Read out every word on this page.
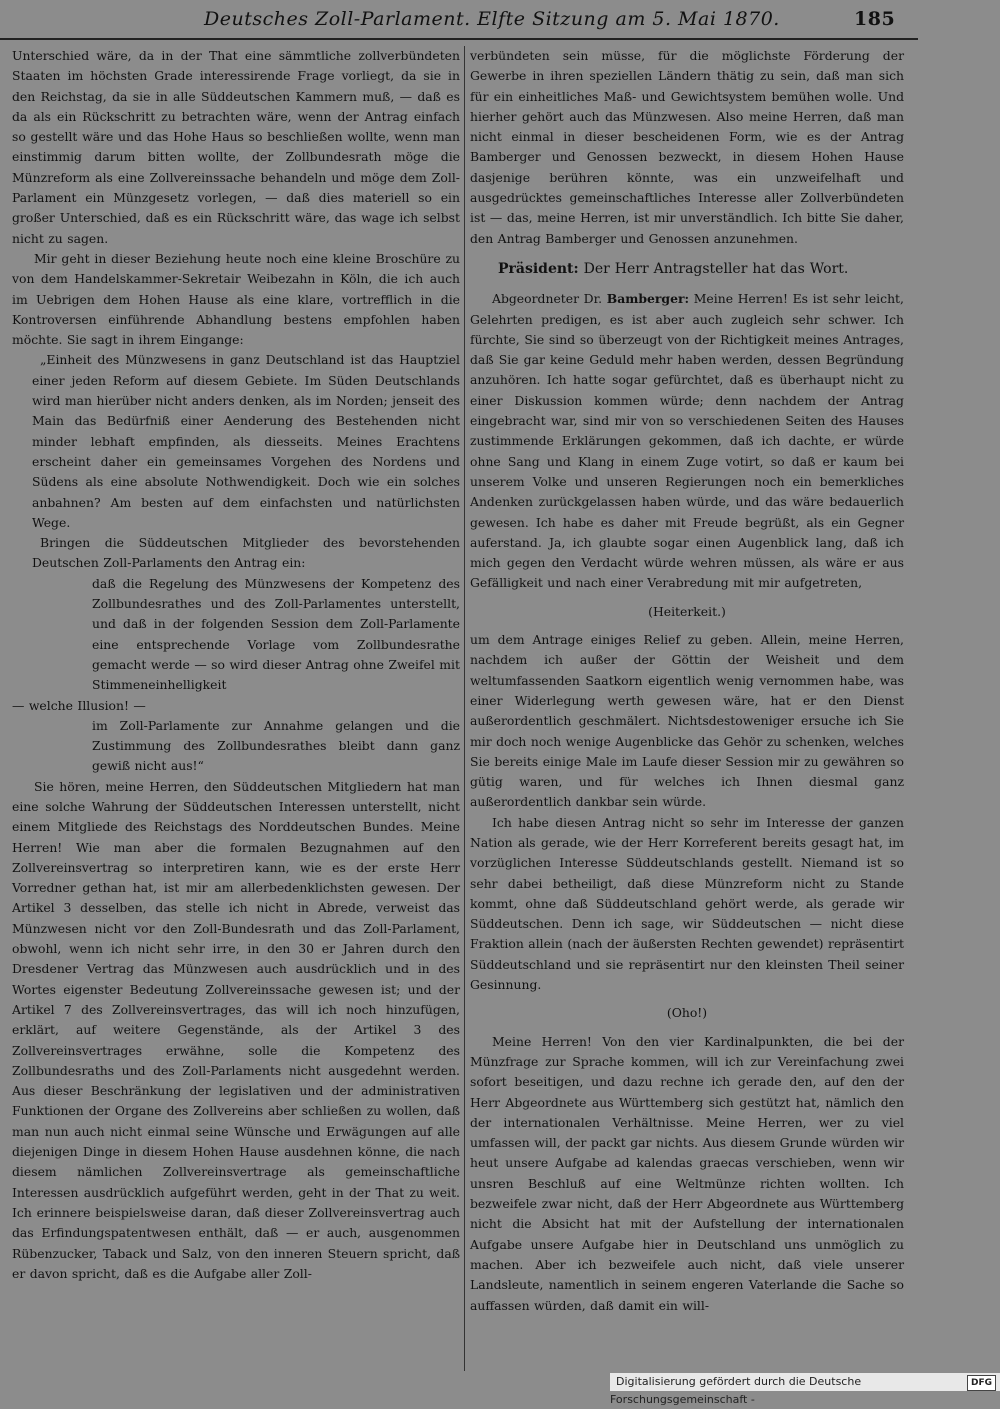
Deutsches Zoll-Parlament. Elfte Sitzung am 5. Mai 1870.	185

Unterschied wäre, da in der That eine sämmtliche zollverbündeten Staaten im höchsten Grade interessirende Frage vorliegt, da sie in den Reichstag, da sie in alle Süddeutschen Kammern muß, — daß es da als ein Rückschritt zu betrachten wäre, wenn der Antrag einfach so gestellt wäre und das Hohe Haus so beschließen wollte, wenn man einstimmig darum bitten wollte, der Zollbundesrath möge die Münzreform als eine Zollvereinssache behandeln und möge dem Zoll-Parlament ein Münzgesetz vorlegen, — daß dies materiell so ein großer Unterschied, daß es ein Rückschritt wäre, das wage ich selbst nicht zu sagen.

Mir geht in dieser Beziehung heute noch eine kleine Broschüre zu von dem Handelskammer-Sekretair Weibezahn in Köln, die ich auch im Uebrigen dem Hohen Hause als eine klare, vortrefflich in die Kontroversen einführende Abhandlung bestens empfohlen haben möchte. Sie sagt in ihrem Eingange:

„Einheit des Münzwesens in ganz Deutschland ist das Hauptziel einer jeden Reform auf diesem Gebiete. Im Süden Deutschlands wird man hierüber nicht anders denken, als im Norden; jenseit des Main das Bedürfniß einer Aenderung des Bestehenden nicht minder lebhaft empfinden, als diesseits. Meines Erachtens erscheint daher ein gemeinsames Vorgehen des Nordens und Südens als eine absolute Nothwendigkeit. Doch wie ein solches anbahnen? Am besten auf dem einfachsten und natürlichsten Wege.

Bringen die Süddeutschen Mitglieder des bevorstehenden Deutschen Zoll-Parlaments den Antrag ein:

daß die Regelung des Münzwesens der Kompetenz des Zollbundesrathes und des Zoll-Parlamentes unterstellt, und daß in der folgenden Session dem Zoll-Parlamente eine entsprechende Vorlage vom Zollbundesrathe gemacht werde — so wird dieser Antrag ohne Zweifel mit Stimmeneinhelligkeit

— welche Illusion! —

im Zoll-Parlamente zur Annahme gelangen und die Zustimmung des Zollbundesrathes bleibt dann ganz gewiß nicht aus!“

Sie hören, meine Herren, den Süddeutschen Mitgliedern hat man eine solche Wahrung der Süddeutschen Interessen unterstellt, nicht einem Mitgliede des Reichstags des Norddeutschen Bundes. Meine Herren! Wie man aber die formalen Bezugnahmen auf den Zollvereinsvertrag so interpretiren kann, wie es der erste Herr Vorredner gethan hat, ist mir am allerbedenklichsten gewesen. Der Artikel 3 desselben, das stelle ich nicht in Abrede, verweist das Münzwesen nicht vor den Zoll-Bundesrath und das Zoll-Parlament, obwohl, wenn ich nicht sehr irre, in den 30 er Jahren durch den Dresdener Vertrag das Münzwesen auch ausdrücklich und in des Wortes eigenster Bedeutung Zollvereinssache gewesen ist; und der Artikel 7 des Zollvereinsvertrages, das will ich noch hinzufügen, erklärt, auf weitere Gegenstände, als der Artikel 3 des Zollvereinsvertrages erwähne, solle die Kompetenz des Zollbundesraths und des Zoll-Parlaments nicht ausgedehnt werden. Aus dieser Beschränkung der legislativen und der administrativen Funktionen der Organe des Zollvereins aber schließen zu wollen, daß man nun auch nicht einmal seine Wünsche und Erwägungen auf alle diejenigen Dinge in diesem Hohen Hause ausdehnen könne, die nach diesem nämlichen Zollvereinsvertrage als gemeinschaftliche Interessen ausdrücklich aufgeführt werden, geht in der That zu weit. Ich erinnere beispielsweise daran, daß dieser Zollvereinsvertrag auch das Erfindungspatentwesen enthält, daß — er auch, ausgenommen Rübenzucker, Taback und Salz, von den inneren Steuern spricht, daß er davon spricht, daß es die Aufgabe aller Zoll-

verbündeten sein müsse, für die möglichste Förderung der Gewerbe in ihren speziellen Ländern thätig zu sein, daß man sich für ein einheitliches Maß- und Gewichtsystem bemühen wolle. Und hierher gehört auch das Münzwesen. Also meine Herren, daß man nicht einmal in dieser bescheidenen Form, wie es der Antrag Bamberger und Genossen bezweckt, in diesem Hohen Hause dasjenige berühren könnte, was ein unzweifelhaft und ausgedrücktes gemeinschaftliches Interesse aller Zollverbündeten ist — das, meine Herren, ist mir unverständlich. Ich bitte Sie daher, den Antrag Bamberger und Genossen anzunehmen.

Präsident: Der Herr Antragsteller hat das Wort.

Abgeordneter Dr. Bamberger: Meine Herren! Es ist sehr leicht, Gelehrten predigen, es ist aber auch zugleich sehr schwer. Ich fürchte, Sie sind so überzeugt von der Richtigkeit meines Antrages, daß Sie gar keine Geduld mehr haben werden, dessen Begründung anzuhören. Ich hatte sogar gefürchtet, daß es überhaupt nicht zu einer Diskussion kommen würde; denn nachdem der Antrag eingebracht war, sind mir von so verschiedenen Seiten des Hauses zustimmende Erklärungen gekommen, daß ich dachte, er würde ohne Sang und Klang in einem Zuge votirt, so daß er kaum bei unserem Volke und unseren Regierungen noch ein bemerkliches Andenken zurückgelassen haben würde, und das wäre bedauerlich gewesen. Ich habe es daher mit Freude begrüßt, als ein Gegner auferstand. Ja, ich glaubte sogar einen Augenblick lang, daß ich mich gegen den Verdacht würde wehren müssen, als wäre er aus Gefälligkeit und nach einer Verabredung mit mir aufgetreten,

(Heiterkeit.)

um dem Antrage einiges Relief zu geben. Allein, meine Herren, nachdem ich außer der Göttin der Weisheit und dem weltumfassenden Saatkorn eigentlich wenig vernommen habe, was einer Widerlegung werth gewesen wäre, hat er den Dienst außerordentlich geschmälert. Nichtsdestoweniger ersuche ich Sie mir doch noch wenige Augenblicke das Gehör zu schenken, welches Sie bereits einige Male im Laufe dieser Session mir zu gewähren so gütig waren, und für welches ich Ihnen diesmal ganz außerordentlich dankbar sein würde.

Ich habe diesen Antrag nicht so sehr im Interesse der ganzen Nation als gerade, wie der Herr Korreferent bereits gesagt hat, im vorzüglichen Interesse Süddeutschlands gestellt. Niemand ist so sehr dabei betheiligt, daß diese Münzreform nicht zu Stande kommt, ohne daß Süddeutschland gehört werde, als gerade wir Süddeutschen. Denn ich sage, wir Süddeutschen — nicht diese Fraktion allein (nach der äußersten Rechten gewendet) repräsentirt Süddeutschland und sie repräsentirt nur den kleinsten Theil seiner Gesinnung.

(Oho!)

Meine Herren! Von den vier Kardinalpunkten, die bei der Münzfrage zur Sprache kommen, will ich zur Vereinfachung zwei sofort beseitigen, und dazu rechne ich gerade den, auf den der Herr Abgeordnete aus Württemberg sich gestützt hat, nämlich den der internationalen Verhältnisse. Meine Herren, wer zu viel umfassen will, der packt gar nichts. Aus diesem Grunde würden wir heut unsere Aufgabe ad kalendas graecas verschieben, wenn wir unsren Beschluß auf eine Weltmünze richten wollten. Ich bezweifele zwar nicht, daß der Herr Abgeordnete aus Württemberg nicht die Absicht hat mit der Aufstellung der internationalen Aufgabe unsere Aufgabe hier in Deutschland uns unmöglich zu machen. Aber ich bezweifele auch nicht, daß viele unserer Landsleute, namentlich in seinem engeren Vaterlande die Sache so auffassen würden, daß damit ein will-

Digitalisierung gefördert durch die Deutsche Forschungsgemeinschaft -
DFG
